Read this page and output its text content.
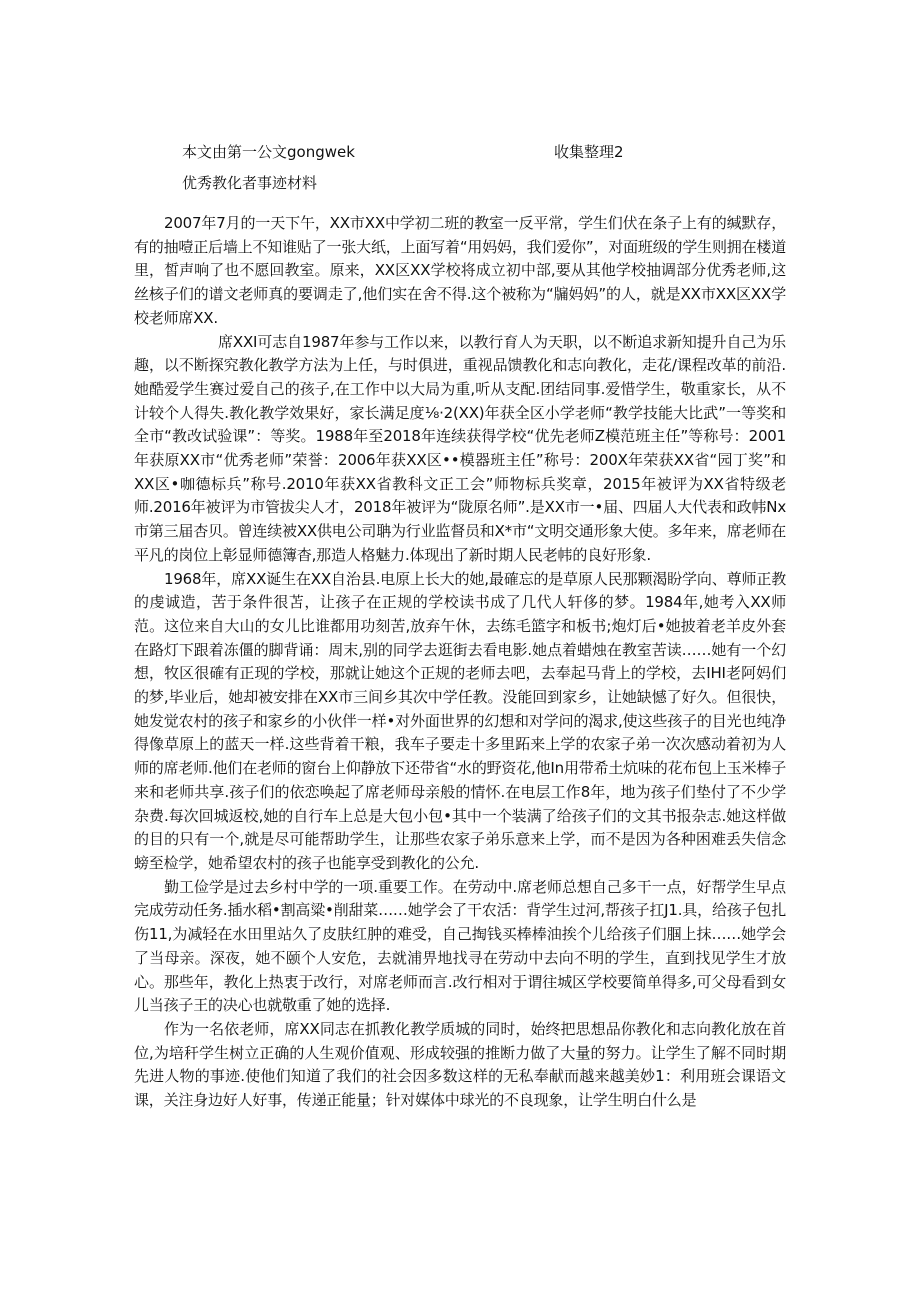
本文由第一公文gongwek	收集整理2
优秀教化者事迹材料

2007年7月的一天下午，XX市XX中学初二班的教室一反平常，学生们伏在条子上有的缄默存，有的抽噎正后墙上不知谁贴了一张大纸，上面写着“用妈妈，我们爱你”，对面班级的学生则拥在楼道里，皙声响了也不愿回教室。原来，XX区XX学校将成立初中部,要从其他学校抽调部分优秀老师,这丝核子们的谱文老师真的要调走了,他们实在舍不得.这个被称为“牖妈妈”的人，就是XX市XX区XX学校老师席XX.

席XXI可志自1987年参与工作以来，以教行育人为天职，以不断追求新知提升自己为乐趣，以不断探究教化教学方法为上任，与时俱进，重视品馈教化和志向教化，走花/课程改革的前沿.她酷爱学生赛过爱自己的孩子,在工作中以大局为重,听从支配.团结同事.爱惜学生，敬重家长，从不计较个人得失.教化教学效果好，家长满足度⅛·2(XX)年获全区小学老师“教学技能大比武”一等奖和全市“教改试验课”：等奖。1988年至2018年连续获得学校“优先老师Z模范班主任”等称号：2001年获原XX市“优秀老师”荣誉：2006年获XX区••模器班主任”称号：200X年荣获XX省“园丁奖”和XX区•咖德标兵”称号.2010年获XX省教科文正工会”师物标兵奖章，2015年被评为XX省特级老师.2016年被评为市管拔尖人才，2018年被评为“陇原名师”.是XX市一•届、四届人大代表和政帏Nx市第三届杏贝。曾连续被XX供电公司聃为行业监督员和X*市“文明交通形象大使。多年来，席老师在平凡的岗位上彰显师德簿杳,那造人格魅力.体现出了新时期人民老帏的良好形象.

1968年，席XX诞生在XX自治县.电原上长大的她,最確忘的是草原人民那颗渴盼学向、尊师正教的虔诚造，苦于条件很苫，让孩子在正规的学校读书成了几代人轩侈的梦。1984年,她考入XX师范。这位来自大山的女儿比谁都用功刻苦,放弃午休，去练毛篮字和板书;炮灯后•她披着老羊皮外套在路灯下跟着冻僵的脚背诵：周末,别的同学去逛街去看电影.她点着蜡烛在教室苦读……她有一个幻想，牧区很確有正现的学校，那就让她这个正规的老师去吧，去奉起马背上的学校，去IHI老阿妈们的梦,毕业后，她却被安排在XX市三间乡其次中学任教。没能回到家乡，让她缺憾了好久。但很快，她发觉农村的孩子和家乡的小伙伴一样•对外面世界的幻想和对学问的渴求,使这些孩子的目光也纯净得像草原上的蓝天一样.这些背着干粮，我车子要走十多里跖来上学的农家子弟一次次感动着初为人师的席老师.他们在老师的窗台上仰静放下还带省“水的野资花,他In用带希土炕味的花布包上玉米棒子来和老师共享.孩子们的依恋唤起了席老师母亲般的情怀.在电层工作8年，地为孩子们垫付了不少学杂费.每次回城返校,她的自行车上总是大包小包•其中一个装满了给孩子们的文其书报杂志.她这样做的目的只有一个,就是尽可能帮助学生，让那些农家子弟乐意来上学，而不是因为各种困难丢失信念螃至检学，她希望农村的孩子也能享受到教化的公允.

勤工俭学是过去乡村中学的一项.重要工作。在劳动中.席老师总想自己多干一点，好帮学生早点完成劳动任务.插水稻•割高粱•削甜菜……她学会了干农活：背学生过河,帮孩子扛J1.具，给孩子包扎伤11,为减轻在水田里站久了皮肤红肿的难受，自己掏钱买棒棒油挨个儿给孩子们腘上抹……她学会了当母亲。深夜，她不颐个人安危，去就浦畀地找寻在劳动中去向不明的学生，直到找见学生才放心。那些年，教化上热衷于改行，对席老师而言.改行相对于谓往城区学校要简单得多,可父母看到女儿当孩子王的决心也就敬重了她的选择.

作为一名依老师，席XX同志在抓教化教学质城的同时，始终把思想品你教化和志向教化放在首位,为培秆学生树立正确的人生观价值观、形成较强的推断力做了大量的努力。让学生了解不同时期先进人物的事迹.使他们知道了我们的社会因多数这样的无私奉献而越来越美妙1：利用班会课语文课，关注身边好人好事，传递正能量；针对媒体中球光的不良现象，让学生明白什么是
